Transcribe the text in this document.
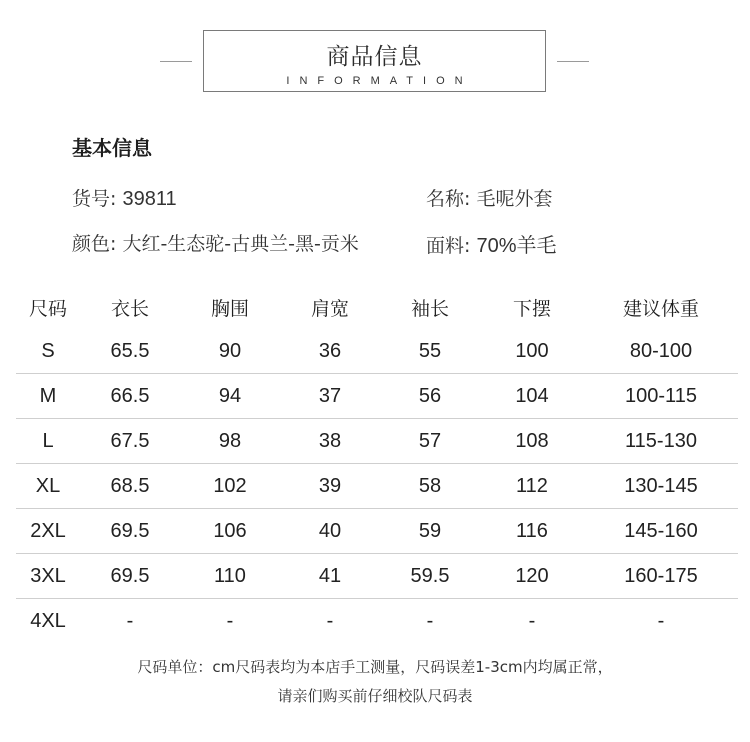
商品信息
INFORMATION
基本信息
货号: 39811	名称: 毛呢外套
颜色: 大红-生态驼-古典兰-黑-贡米	面料: 70%羊毛
尺码	衣长	胸围	肩宽	袖长	下摆	建议体重
S	65.5	90	36	55	100	80-100
M	66.5	94	37	56	104	100-115
L	67.5	98	38	57	108	115-130
XL	68.5	102	39	58	112	130-145
2XL	69.5	106	40	59	116	145-160
3XL	69.5	110	41	59.5	120	160-175
4XL	-	-	-	-	-	-
尺码单位：cm尺码表均为本店手工测量，尺码误差1-3cm内均属正常，
请亲们购买前仔细校队尺码表
